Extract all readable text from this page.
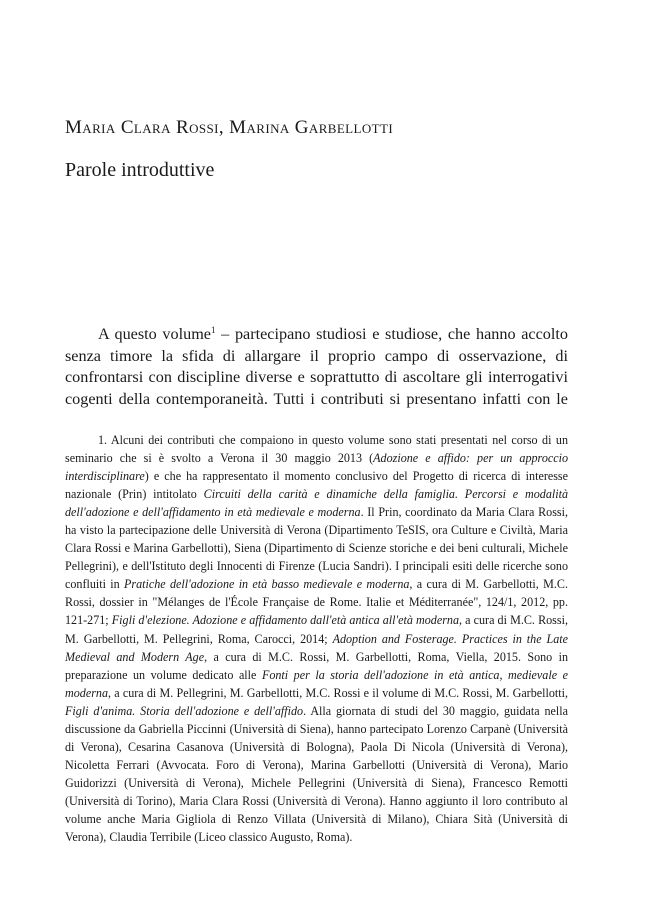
Maria Clara Rossi, Marina Garbellotti
Parole introduttive

A questo volume$^1$ – partecipano studiosi e studiose, che hanno accolto senza timore la sfida di allargare il proprio campo di osservazione, di confrontarsi con discipline diverse e soprattutto di ascoltare gli interrogativi cogenti della contemporaneità. Tutti i contributi si presentano infatti con le

1. Alcuni dei contributi che compaiono in questo volume sono stati presentati nel corso di un seminario che si è svolto a Verona il 30 maggio 2013 (Adozione e affido: per un approccio interdisciplinare) e che ha rappresentato il momento conclusivo del Progetto di ricerca di interesse nazionale (Prin) intitolato Circuiti della carità e dinamiche della famiglia. Percorsi e modalità dell'adozione e dell'affidamento in età medievale e moderna. Il Prin, coordinato da Maria Clara Rossi, ha visto la partecipazione delle Università di Verona (Dipartimento TeSIS, ora Culture e Civiltà, Maria Clara Rossi e Marina Garbellotti), Siena (Dipartimento di Scienze storiche e dei beni culturali, Michele Pellegrini), e dell'Istituto degli Innocenti di Firenze (Lucia Sandri). I principali esiti delle ricerche sono confluiti in Pratiche dell'adozione in età basso medievale e moderna, a cura di M. Garbellotti, M.C. Rossi, dossier in "Mélanges de l'École Française de Rome. Italie et Méditerranée", 124/1, 2012, pp. 121-271; Figli d'elezione. Adozione e affidamento dall'età antica all'età moderna, a cura di M.C. Rossi, M. Garbellotti, M. Pellegrini, Roma, Carocci, 2014; Adoption and Fosterage. Practices in the Late Medieval and Modern Age, a cura di M.C. Rossi, M. Garbellotti, Roma, Viella, 2015. Sono in preparazione un volume dedicato alle Fonti per la storia dell'adozione in età antica, medievale e moderna, a cura di M. Pellegrini, M. Garbellotti, M.C. Rossi e il volume di M.C. Rossi, M. Garbellotti, Figli d'anima. Storia dell'adozione e dell'affido. Alla giornata di studi del 30 maggio, guidata nella discussione da Gabriella Piccinni (Università di Siena), hanno partecipato Lorenzo Carpanè (Università di Verona), Cesarina Casanova (Università di Bologna), Paola Di Nicola (Università di Verona), Nicoletta Ferrari (Avvocata. Foro di Verona), Marina Garbellotti (Università di Verona), Mario Guidorizzi (Università di Verona), Michele Pellegrini (Università di Siena), Francesco Remotti (Università di Torino), Maria Clara Rossi (Università di Verona). Hanno aggiunto il loro contributo al volume anche Maria Gigliola di Renzo Villata (Università di Milano), Chiara Sità (Università di Verona), Claudia Terribile (Liceo classico Augusto, Roma).
